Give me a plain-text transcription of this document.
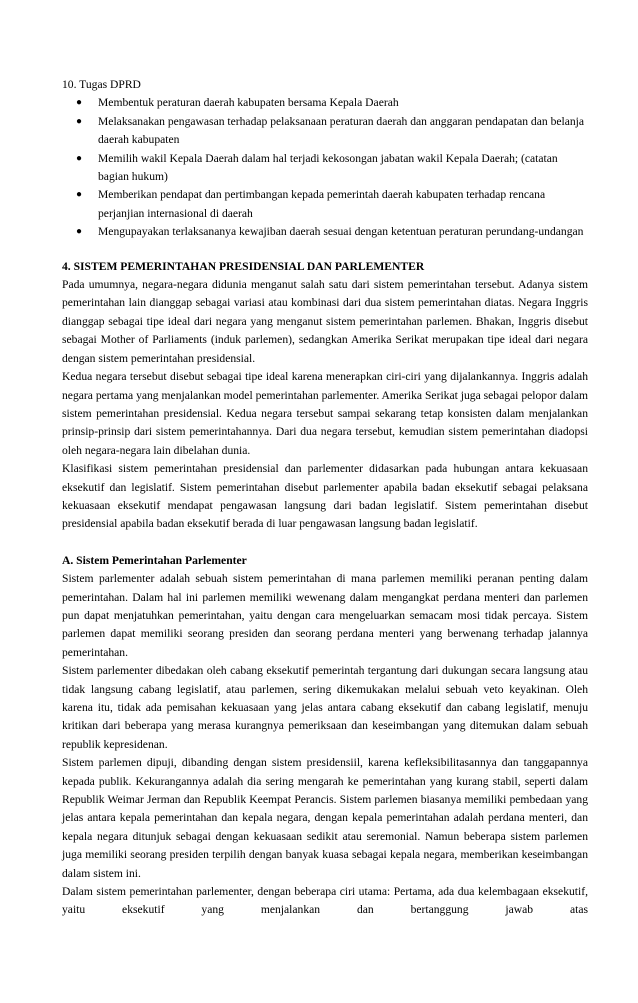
10. Tugas DPRD

● Membentuk peraturan daerah kabupaten bersama Kepala Daerah
● Melaksanakan pengawasan terhadap pelaksanaan peraturan daerah dan anggaran pendapatan dan belanja daerah kabupaten
● Memilih wakil Kepala Daerah dalam hal terjadi kekosongan jabatan wakil Kepala Daerah; (catatan bagian hukum)
● Memberikan pendapat dan pertimbangan kepada pemerintah daerah kabupaten terhadap rencana perjanjian internasional di daerah
● Mengupayakan terlaksananya kewajiban daerah sesuai dengan ketentuan peraturan perundang-undangan

4. SISTEM PEMERINTAHAN PRESIDENSIAL DAN PARLEMENTER

Pada umumnya, negara-negara didunia menganut salah satu dari sistem pemerintahan tersebut. Adanya sistem pemerintahan lain dianggap sebagai variasi atau kombinasi dari dua sistem pemerintahan diatas. Negara Inggris dianggap sebagai tipe ideal dari negara yang menganut sistem pemerintahan parlemen. Bhakan, Inggris disebut sebagai Mother of Parliaments (induk parlemen), sedangkan Amerika Serikat merupakan tipe ideal dari negara dengan sistem pemerintahan presidensial.

Kedua negara tersebut disebut sebagai tipe ideal karena menerapkan ciri-ciri yang dijalankannya. Inggris adalah negara pertama yang menjalankan model pemerintahan parlementer. Amerika Serikat juga sebagai pelopor dalam sistem pemerintahan presidensial. Kedua negara tersebut sampai sekarang tetap konsisten dalam menjalankan prinsip-prinsip dari sistem pemerintahannya. Dari dua negara tersebut, kemudian sistem pemerintahan diadopsi oleh negara-negara lain dibelahan dunia.

Klasifikasi sistem pemerintahan presidensial dan parlementer didasarkan pada hubungan antara kekuasaan eksekutif dan legislatif. Sistem pemerintahan disebut parlementer apabila badan eksekutif sebagai pelaksana kekuasaan eksekutif mendapat pengawasan langsung dari badan legislatif. Sistem pemerintahan disebut presidensial apabila badan eksekutif berada di luar pengawasan langsung badan legislatif.

A. Sistem Pemerintahan Parlementer

Sistem parlementer adalah sebuah sistem pemerintahan di mana parlemen memiliki peranan penting dalam pemerintahan. Dalam hal ini parlemen memiliki wewenang dalam mengangkat perdana menteri dan parlemen pun dapat menjatuhkan pemerintahan, yaitu dengan cara mengeluarkan semacam mosi tidak percaya. Sistem parlemen dapat memiliki seorang presiden dan seorang perdana menteri yang berwenang terhadap jalannya pemerintahan.

Sistem parlementer dibedakan oleh cabang eksekutif pemerintah tergantung dari dukungan secara langsung atau tidak langsung cabang legislatif, atau parlemen, sering dikemukakan melalui sebuah veto keyakinan. Oleh karena itu, tidak ada pemisahan kekuasaan yang jelas antara cabang eksekutif dan cabang legislatif, menuju kritikan dari beberapa yang merasa kurangnya pemeriksaan dan keseimbangan yang ditemukan dalam sebuah republik kepresidenan.

Sistem parlemen dipuji, dibanding dengan sistem presidensiil, karena kefleksibilitasannya dan tanggapannya kepada publik. Kekurangannya adalah dia sering mengarah ke pemerintahan yang kurang stabil, seperti dalam Republik Weimar Jerman dan Republik Keempat Perancis. Sistem parlemen biasanya memiliki pembedaan yang jelas antara kepala pemerintahan dan kepala negara, dengan kepala pemerintahan adalah perdana menteri, dan kepala negara ditunjuk sebagai dengan kekuasaan sedikit atau seremonial. Namun beberapa sistem parlemen juga memiliki seorang presiden terpilih dengan banyak kuasa sebagai kepala negara, memberikan keseimbangan dalam sistem ini.

Dalam sistem pemerintahan parlementer, dengan beberapa ciri utama: Pertama, ada dua kelembagaan eksekutif, yaitu eksekutif yang menjalankan dan bertanggung jawab atas
